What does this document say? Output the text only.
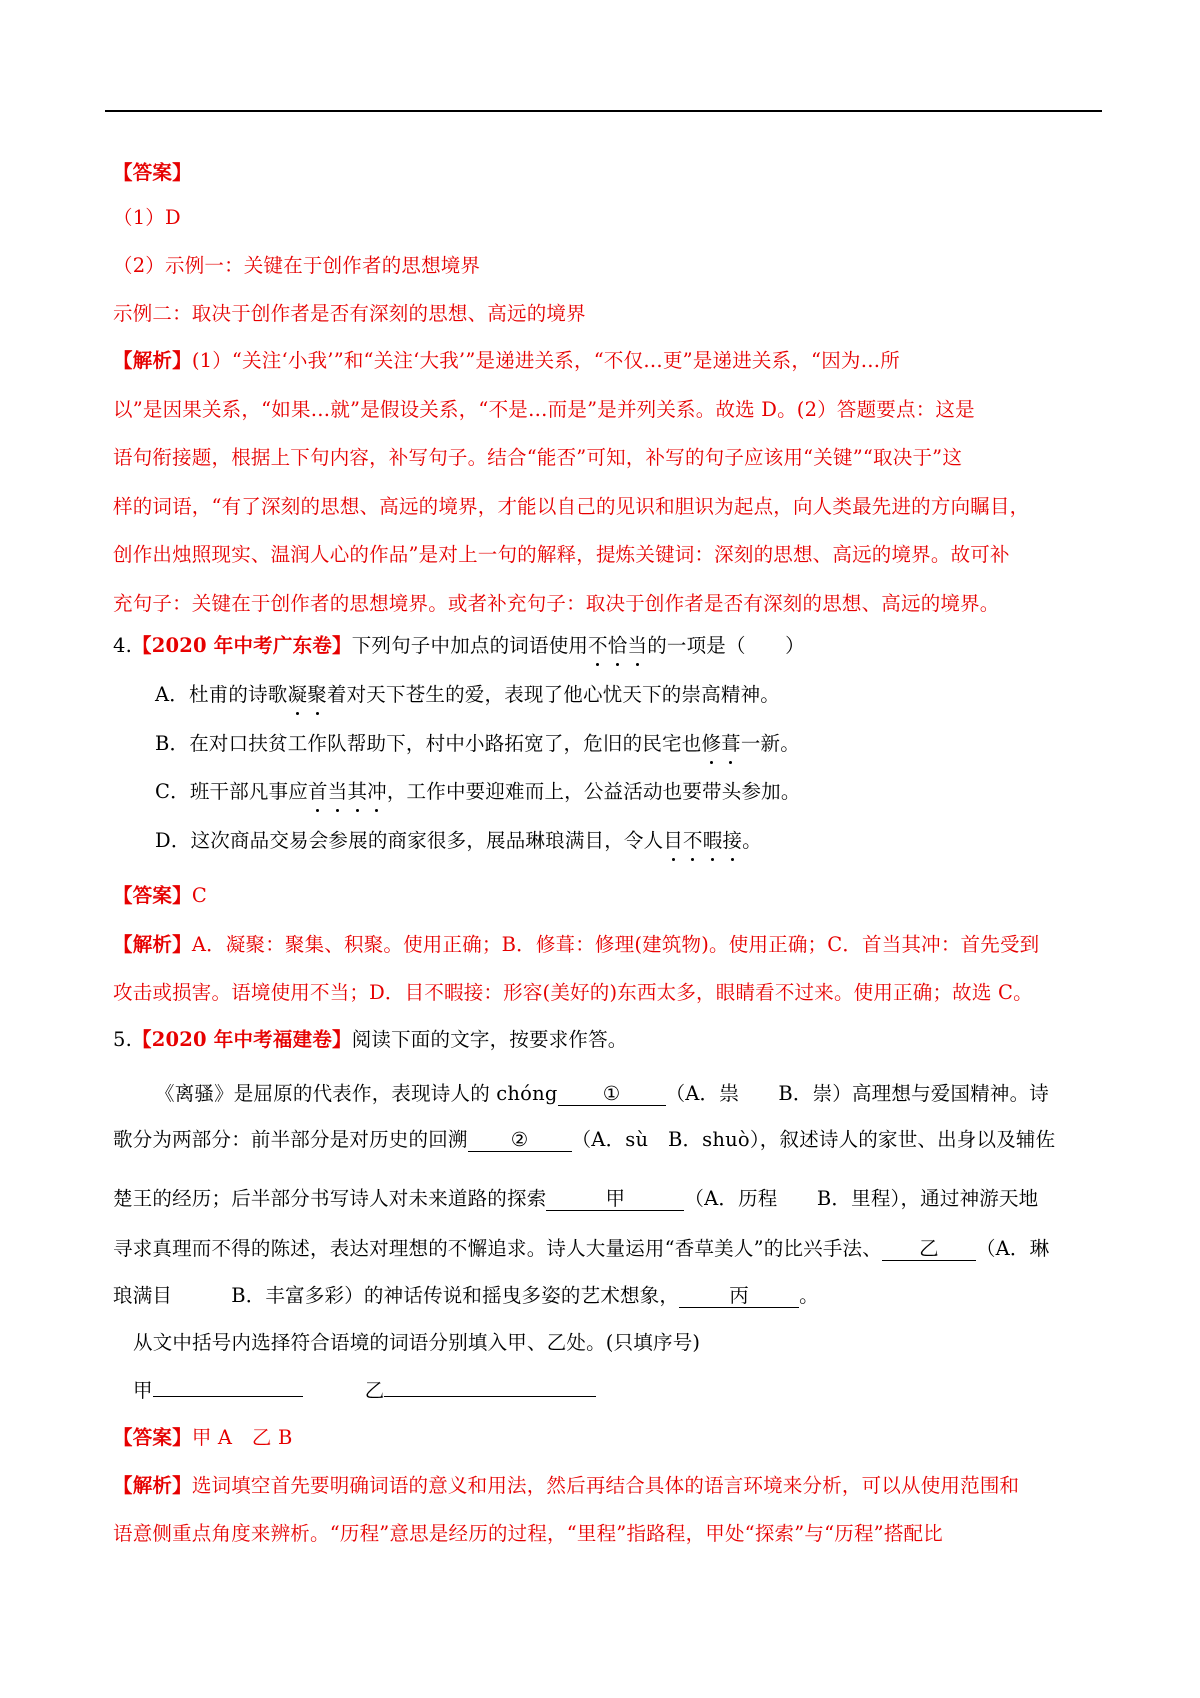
【答案】
（1）D
（2）示例一：关键在于创作者的思想境界
示例二：取决于创作者是否有深刻的思想、高远的境界
【解析】(1）“关注‘小我’”和“关注‘大我’”是递进关系，“不仅…更”是递进关系，“因为…所
以”是因果关系，“如果…就”是假设关系，“不是…而是”是并列关系。故选 D。(2）答题要点：这是
语句衔接题，根据上下句内容，补写句子。结合“能否”可知，补写的句子应该用“关键”“取决于”这
样的词语，“有了深刻的思想、高远的境界，才能以自己的见识和胆识为起点，向人类最先进的方向瞩目，
创作出烛照现实、温润人心的作品”是对上一句的解释，提炼关键词：深刻的思想、高远的境界。故可补
充句子：关键在于创作者的思想境界。或者补充句子：取决于创作者是否有深刻的思想、高远的境界。
4.【2020 年中考广东卷】下列句子中加点的词语使用不恰当的一项是（　　）
A．杜甫的诗歌凝聚着对天下苍生的爱，表现了他心忧天下的崇高精神。
B．在对口扶贫工作队帮助下，村中小路拓宽了，危旧的民宅也修葺一新。
C．班干部凡事应首当其冲，工作中要迎难而上，公益活动也要带头参加。
D．这次商品交易会参展的商家很多，展品琳琅满目，令人目不暇接。
【答案】C
【解析】A．凝聚：聚集、积聚。使用正确；B．修葺：修理(建筑物)。使用正确；C．首当其冲：首先受到
攻击或损害。语境使用不当；D．目不暇接：形容(美好的)东西太多，眼睛看不过来。使用正确；故选 C。
5.【2020 年中考福建卷】阅读下面的文字，按要求作答。
《离骚》是屈原的代表作，表现诗人的 chóng ① （A．祟　　B．崇）高理想与爱国精神。诗
歌分为两部分：前半部分是对历史的回溯 ② （A．sù　B．shuò），叙述诗人的家世、出身以及辅佐
楚王的经历；后半部分书写诗人对未来道路的探索	甲	（A．历程　　B．里程），通过神游天地
寻求真理而不得的陈述，表达对理想的不懈追求。诗人大量运用“香草美人”的比兴手法、 乙 （A．琳
琅满目　　　B．丰富多彩）的神话传说和摇曳多姿的艺术想象，	丙	。
从文中括号内选择符合语境的词语分别填入甲、乙处。(只填序号)
甲	乙
【答案】甲 A　乙 B
【解析】选词填空首先要明确词语的意义和用法，然后再结合具体的语言环境来分析，可以从使用范围和
语意侧重点角度来辨析。“历程”意思是经历的过程，“里程”指路程，甲处“探索”与“历程”搭配比
